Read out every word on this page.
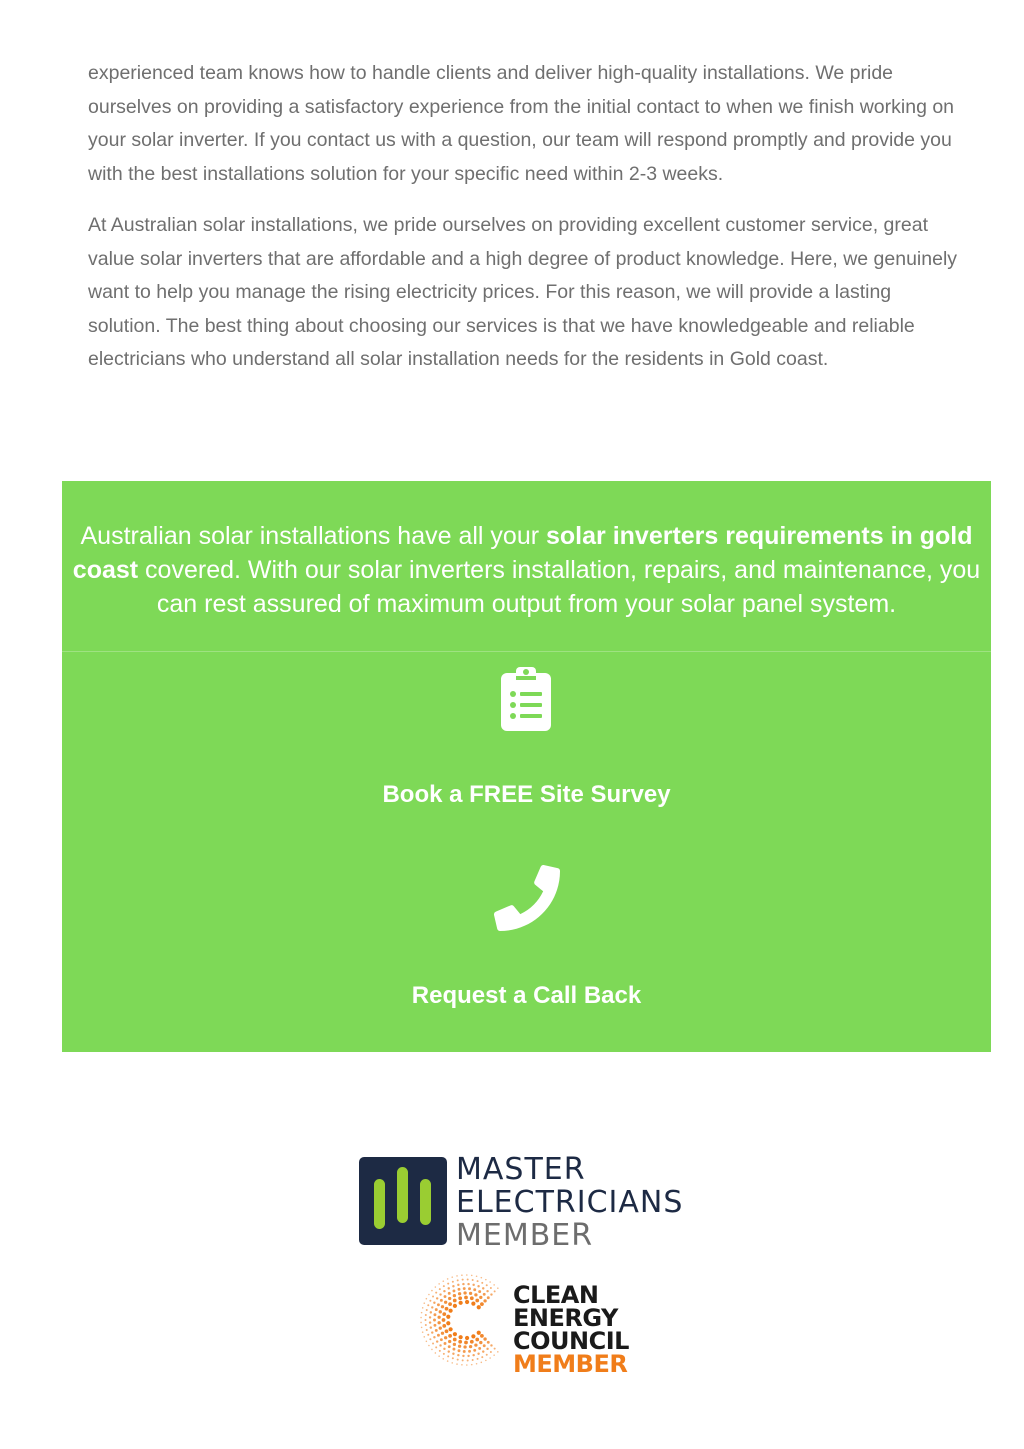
experienced team knows how to handle clients and deliver high-quality installations. We pride ourselves on providing a satisfactory experience from the initial contact to when we finish working on your solar inverter. If you contact us with a question, our team will respond promptly and provide you with the best installations solution for your specific need within 2-3 weeks.

At Australian solar installations, we pride ourselves on providing excellent customer service, great value solar inverters that are affordable and a high degree of product knowledge. Here, we genuinely want to help you manage the rising electricity prices. For this reason, we will provide a lasting solution. The best thing about choosing our services is that we have knowledgeable and reliable electricians who understand all solar installation needs for the residents in Gold coast.

Australian solar installations have all your solar inverters requirements in gold coast covered. With our solar inverters installation, repairs, and maintenance, you can rest assured of maximum output from your solar panel system.

Book a FREE Site Survey
Request a Call Back
MASTER
ELECTRICIANS
MEMBER
CLEAN
ENERGY
COUNCIL
MEMBER
